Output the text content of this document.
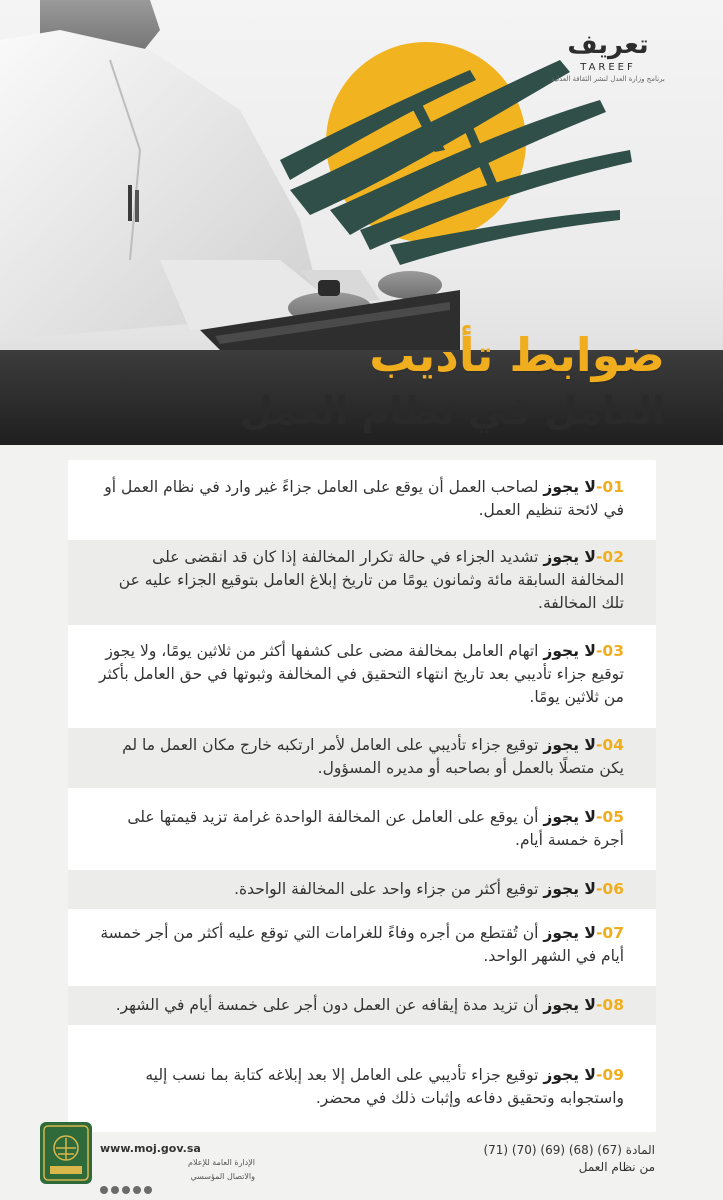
ضوابط تأديب
العامل في نظام العمل
تعريف
TAREEF
برنامج وزارة العدل لنشر الثقافة العدلية
01-لا يجوز لصاحب العمل أن يوقع على العامل جزاءً غير وارد في نظام العمل أو في لائحة تنظيم العمل.
02-لا يجوز تشديد الجزاء في حالة تكرار المخالفة إذا كان قد انقضى على المخالفة السابقة مائة وثمانون يومًا من تاريخ إبلاغ العامل بتوقيع الجزاء عليه عن تلك المخالفة.
03-لا يجوز اتهام العامل بمخالفة مضى على كشفها أكثر من ثلاثين يومًا، ولا يجوز توقيع جزاء تأديبي بعد تاريخ انتهاء التحقيق في المخالفة وثبوتها في حق العامل بأكثر من ثلاثين يومًا.
04-لا يجوز توقيع جزاء تأديبي على العامل لأمر ارتكبه خارج مكان العمل ما لم يكن متصلًا بالعمل أو بصاحبه أو مديره المسؤول.
05-لا يجوز أن يوقع على العامل عن المخالفة الواحدة غرامة تزيد قيمتها على أجرة خمسة أيام.
06-لا يجوز توقيع أكثر من جزاء واحد على المخالفة الواحدة.
07-لا يجوز أن تُقتطع من أجره وفاءً للغرامات التي توقع عليه أكثر من أجر خمسة أيام في الشهر الواحد.
08-لا يجوز أن تزيد مدة إيقافه عن العمل دون أجر على خمسة أيام في الشهر.
09-لا يجوز توقيع جزاء تأديبي على العامل إلا بعد إبلاغه كتابة بما نسب إليه واستجوابه وتحقيق دفاعه وإثبات ذلك في محضر.
www.moj.gov.sa
الإدارة العامة للإعلام
والاتصال المؤسسي
المادة (67) (68) (69) (70) (71)
من نظام العمل
